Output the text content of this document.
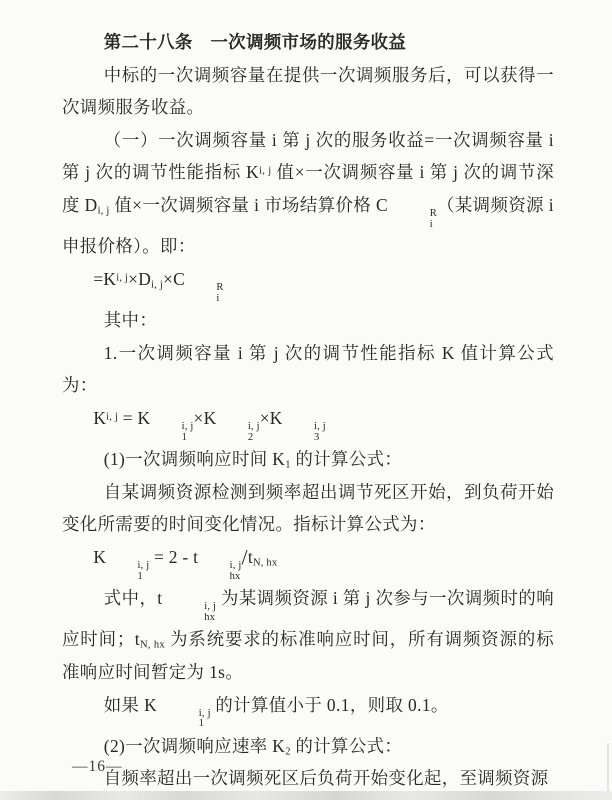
第二十八条　一次调频市场的服务收益

中标的一次调频容量在提供一次调频服务后，可以获得一次调频服务收益。

（一）一次调频容量 i 第 j 次的服务收益=一次调频容量 i 第 j 次的调节性能指标 K$^{i, j}$ 值×一次调频容量 i 第 j 次的调节深度 $D_{i, j}$ 值×一次调频容量 i 市场结算价格 C	R
i
（某调频资源 i 申报价格）。即：

$=K^{i, j}\times D_{i, j}\times C$	R
i

其中：

1.一次调频容量 i 第 j 次的调节性能指标 K 值计算公式为：

K$^{i, j}$ = K	i, j
1
×K	i, j
2
×K	i, j
3

(1)一次调频响应时间 $K_1$ 的计算公式：

自某调频资源检测到频率超出调节死区开始，到负荷开始变化所需要的时间变化情况。指标计算公式为：

K	i, j
1
= 2 - t	i, j
hx
$/t_{N, hx}$

式中，t	i, j
hx
为某调频资源 i 第 j 次参与一次调频时的响应时间；$t_{N, hx}$ 为系统要求的标准响应时间，所有调频资源的标准响应时间暂定为 1s。

如果 K	i, j
1
的计算值小于 0.1，则取 0.1。

(2)一次调频响应速率 $K_2$ 的计算公式：

自频率超出一次调频死区后负荷开始变化起，至调频资源

—16—
